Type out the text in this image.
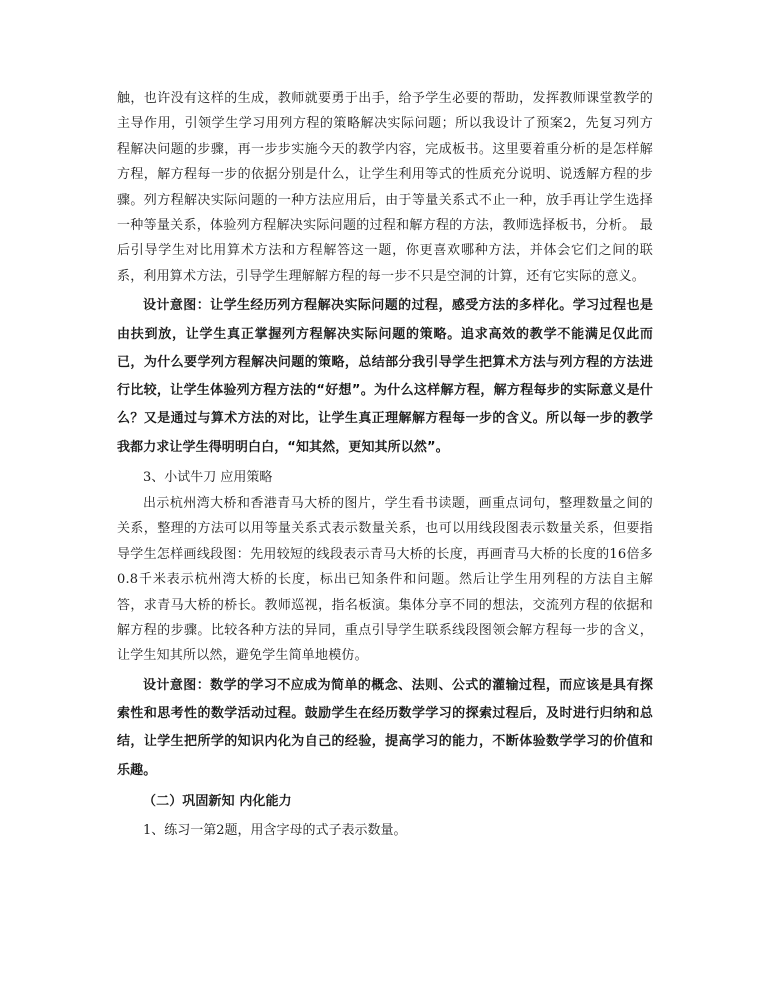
触，也许没有这样的生成，教师就要勇于出手，给予学生必要的帮助，发挥教师课堂教学的主导作用，引领学生学习用列方程的策略解决实际问题；所以我设计了预案2，先复习列方程解决问题的步骤，再一步步实施今天的教学内容，完成板书。这里要着重分析的是怎样解方程，解方程每一步的依据分别是什么，让学生利用等式的性质充分说明、说透解方程的步骤。列方程解决实际问题的一种方法应用后，由于等量关系式不止一种，放手再让学生选择一种等量关系，体验列方程解决实际问题的过程和解方程的方法，教师选择板书，分析。 最后引导学生对比用算术方法和方程解答这一题，你更喜欢哪种方法，并体会它们之间的联系，利用算术方法，引导学生理解解方程的每一步不只是空洞的计算，还有它实际的意义。

设计意图：让学生经历列方程解决实际问题的过程，感受方法的多样化。学习过程也是由扶到放，让学生真正掌握列方程解决实际问题的策略。追求高效的教学不能满足仅此而已，为什么要学列方程解决问题的策略，总结部分我引导学生把算术方法与列方程的方法进行比较，让学生体验列方程方法的“好想”。为什么这样解方程，解方程每步的实际意义是什么？又是通过与算术方法的对比，让学生真正理解解方程每一步的含义。所以每一步的教学我都力求让学生得明明白白，“知其然，更知其所以然”。

3、小试牛刀 应用策略

出示杭州湾大桥和香港青马大桥的图片，学生看书读题，画重点词句，整理数量之间的关系，整理的方法可以用等量关系式表示数量关系，也可以用线段图表示数量关系，但要指导学生怎样画线段图：先用较短的线段表示青马大桥的长度，再画青马大桥的长度的16倍多0.8千米表示杭州湾大桥的长度，标出已知条件和问题。然后让学生用列程的方法自主解答，求青马大桥的桥长。教师巡视，指名板演。集体分享不同的想法，交流列方程的依据和解方程的步骤。比较各种方法的异同，重点引导学生联系线段图领会解方程每一步的含义，让学生知其所以然，避免学生简单地模仿。

设计意图：数学的学习不应成为简单的概念、法则、公式的灌输过程，而应该是具有探索性和思考性的数学活动过程。鼓励学生在经历数学学习的探索过程后，及时进行归纳和总结，让学生把所学的知识内化为自己的经验，提高学习的能力，不断体验数学学习的价值和乐趣。

（二）巩固新知 内化能力

1、练习一第2题，用含字母的式子表示数量。
